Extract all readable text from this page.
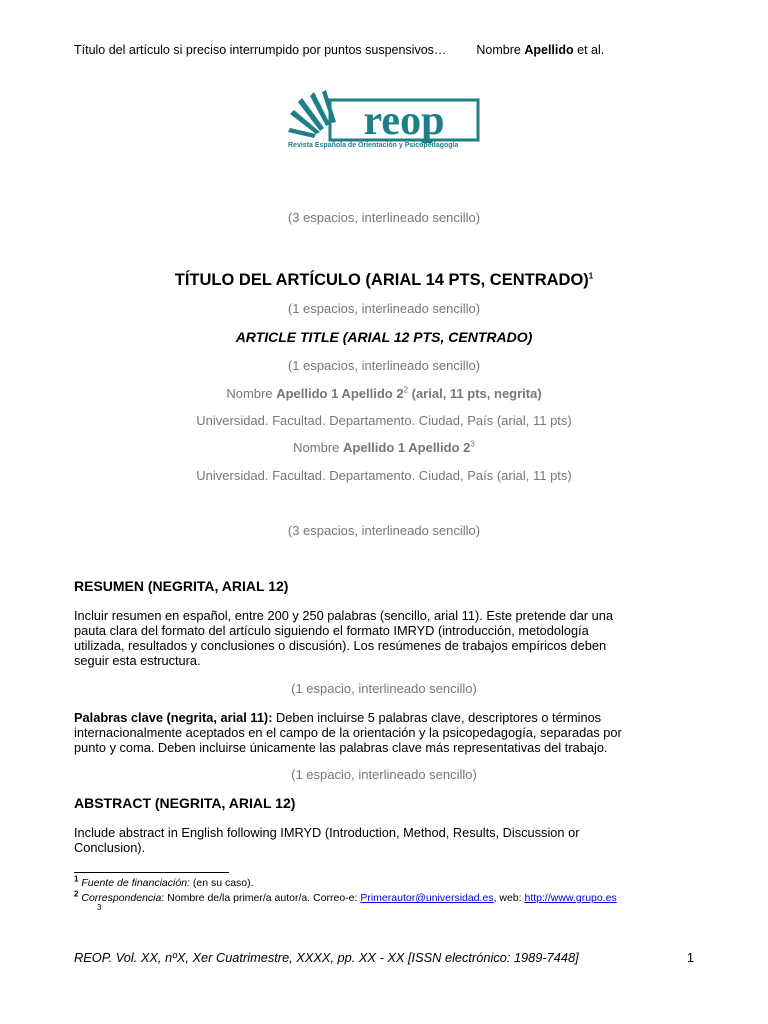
Título del artículo si preciso interrumpido por puntos suspensivos… Nombre Apellido et al.
reop
Revista Española de Orientación y Psicopedagogía
(3 espacios, interlineado sencillo)
TÍTULO DEL ARTÍCULO (ARIAL 14 PTS, CENTRADO)$^1$
(1 espacios, interlineado sencillo)
ARTICLE TITLE (ARIAL 12 PTS, CENTRADO)
(1 espacios, interlineado sencillo)
Nombre Apellido 1 Apellido $2^2$ (arial, 11 pts, negrita)
Universidad. Facultad. Departamento. Ciudad, País (arial, 11 pts)
Nombre Apellido 1 Apellido $2^3$
Universidad. Facultad. Departamento. Ciudad, País (arial, 11 pts)
(3 espacios, interlineado sencillo)
RESUMEN (NEGRITA, ARIAL 12)
Incluir resumen en español, entre 200 y 250 palabras (sencillo, arial 11). Este pretende dar una
pauta clara del formato del artículo siguiendo el formato IMRYD (introducción, metodología
utilizada, resultados y conclusiones o discusión). Los resúmenes de trabajos empíricos deben
seguir esta estructura.
(1 espacio, interlineado sencillo)
Palabras clave (negrita, arial 11): Deben incluirse 5 palabras clave, descriptores o términos
internacionalmente aceptados en el campo de la orientación y la psicopedagogía, separadas por
punto y coma. Deben incluirse únicamente las palabras clave más representativas del trabajo.
(1 espacio, interlineado sencillo)
ABSTRACT (NEGRITA, ARIAL 12)
Include abstract in English following IMRYD (Introduction, Method, Results, Discussion or
Conclusion).
$^1$ Fuente de financiación: (en su caso).
$^2$ Correspondencia: Nombre de/la primer/a autor/a. Correo-e: Primerautor@universidad.es, web: http://www.grupo.es
3
REOP. Vol. XX, nºX, Xer Cuatrimestre, XXXX, pp. XX - XX [ISSN electrónico: 1989-7448]	1
